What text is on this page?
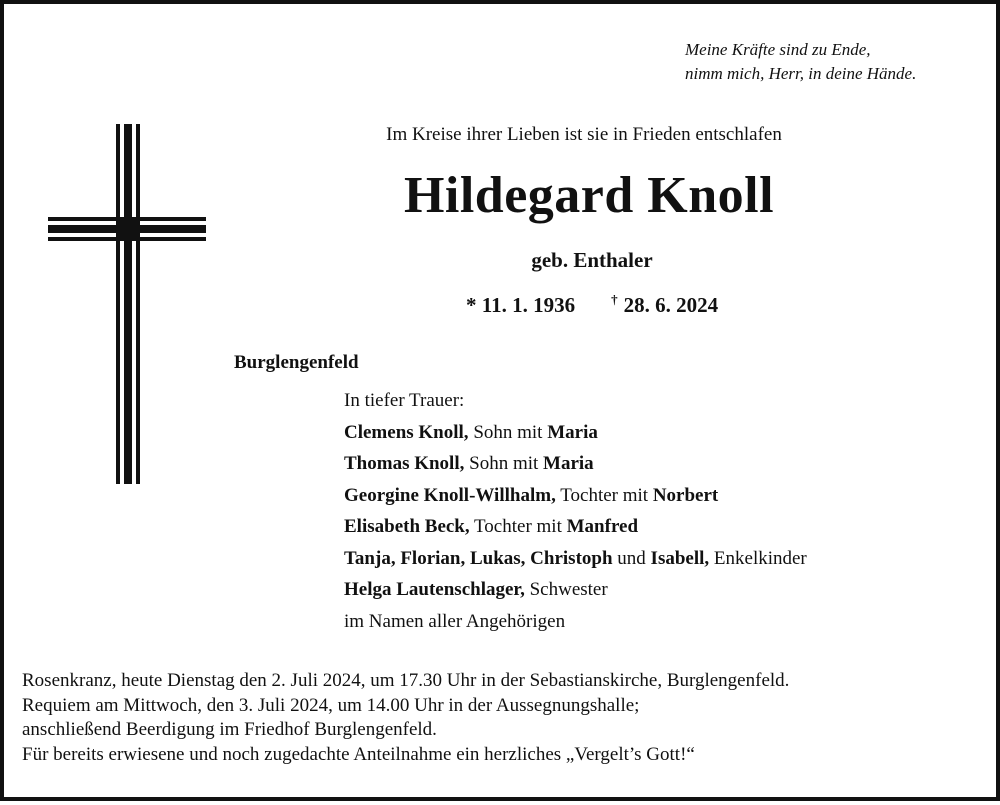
Meine Kräfte sind zu Ende,
nimm mich, Herr, in deine Hände.
Im Kreise ihrer Lieben ist sie in Frieden entschlafen
Hildegard Knoll
geb. Enthaler
* 11. 1. 1936	† 28. 6. 2024
Burglengenfeld
In tiefer Trauer:
Clemens Knoll, Sohn mit Maria
Thomas Knoll, Sohn mit Maria
Georgine Knoll-Willhalm, Tochter mit Norbert
Elisabeth Beck, Tochter mit Manfred
Tanja, Florian, Lukas, Christoph und Isabell, Enkelkinder
Helga Lautenschlager, Schwester
im Namen aller Angehörigen
Rosenkranz, heute Dienstag den 2. Juli 2024, um 17.30 Uhr in der Sebastianskirche, Burglengenfeld.
Requiem am Mittwoch, den 3. Juli 2024, um 14.00 Uhr in der Aussegnungshalle;
anschließend Beerdigung im Friedhof Burglengenfeld.
Für bereits erwiesene und noch zugedachte Anteilnahme ein herzliches „Vergelt’s Gott!“
